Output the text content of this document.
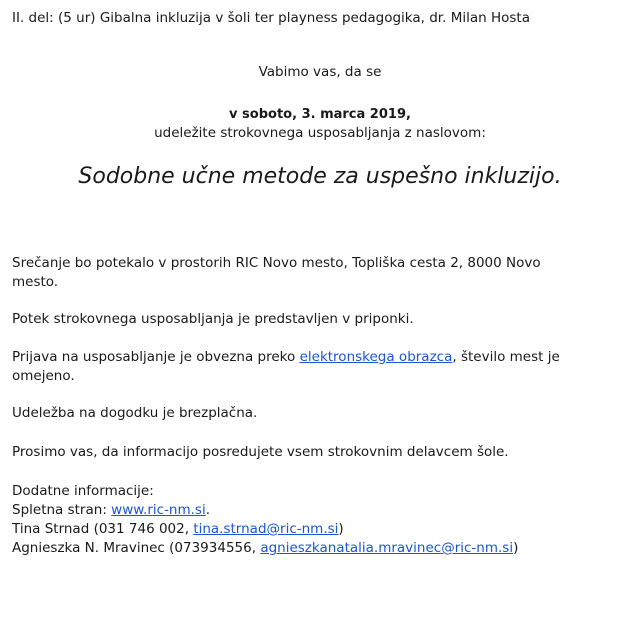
II. del: (5 ur) Gibalna inkluzija v šoli ter playness pedagogika, dr. Milan Hosta
Vabimo vas, da se
v soboto, 3. marca 2019,
udeležite strokovnega usposabljanja z naslovom:
Sodobne učne metode za uspešno inkluzijo.
Srečanje bo potekalo v prostorih RIC Novo mesto, Topliška cesta 2, 8000 Novo mesto.
Potek strokovnega usposabljanja je predstavljen v priponki.
Prijava na usposabljanje je obvezna preko elektronskega obrazca, število mest je omejeno.
Udeležba na dogodku je brezplačna.
Prosimo vas, da informacijo posredujete vsem strokovnim delavcem šole.
Dodatne informacije:
Spletna stran: www.ric-nm.si.
Tina Strnad (031 746 002, tina.strnad@ric-nm.si)
Agnieszka N. Mravinec (073934556, agnieszkanatalia.mravinec@ric-nm.si)
